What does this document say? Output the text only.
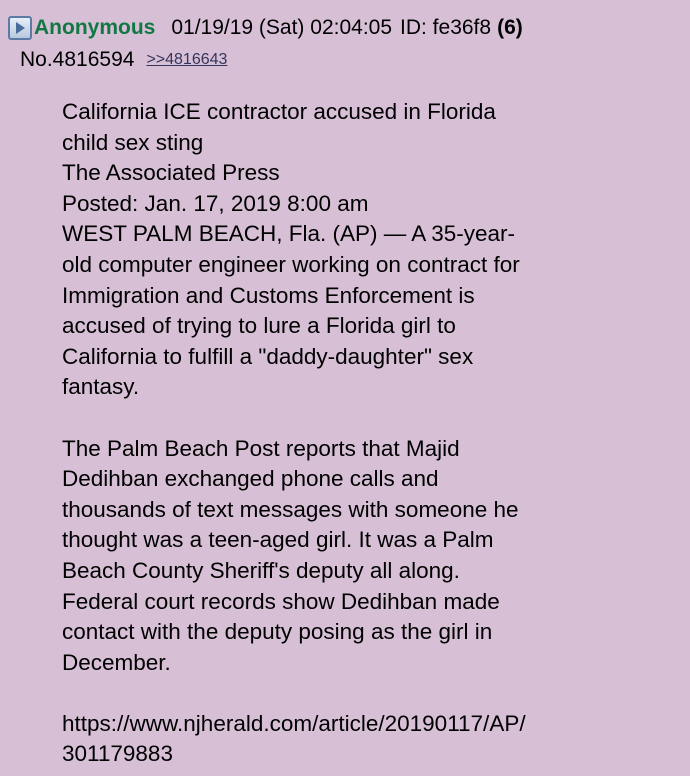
Anonymous 01/19/19 (Sat) 02:04:05 ID: fe36f8 (6)
No.4816594 >>4816643
California ICE contractor accused in Florida
child sex sting
The Associated Press
Posted: Jan. 17, 2019 8:00 am
WEST PALM BEACH, Fla. (AP) — A 35-year-
old computer engineer working on contract for
Immigration and Customs Enforcement is
accused of trying to lure a Florida girl to
California to fulfill a "daddy-daughter" sex
fantasy.
The Palm Beach Post reports that Majid
Dedihban exchanged phone calls and
thousands of text messages with someone he
thought was a teen-aged girl. It was a Palm
Beach County Sheriff's deputy all along.
Federal court records show Dedihban made
contact with the deputy posing as the girl in
December.
https://www.njherald.com/article/20190117/AP/
301179883
